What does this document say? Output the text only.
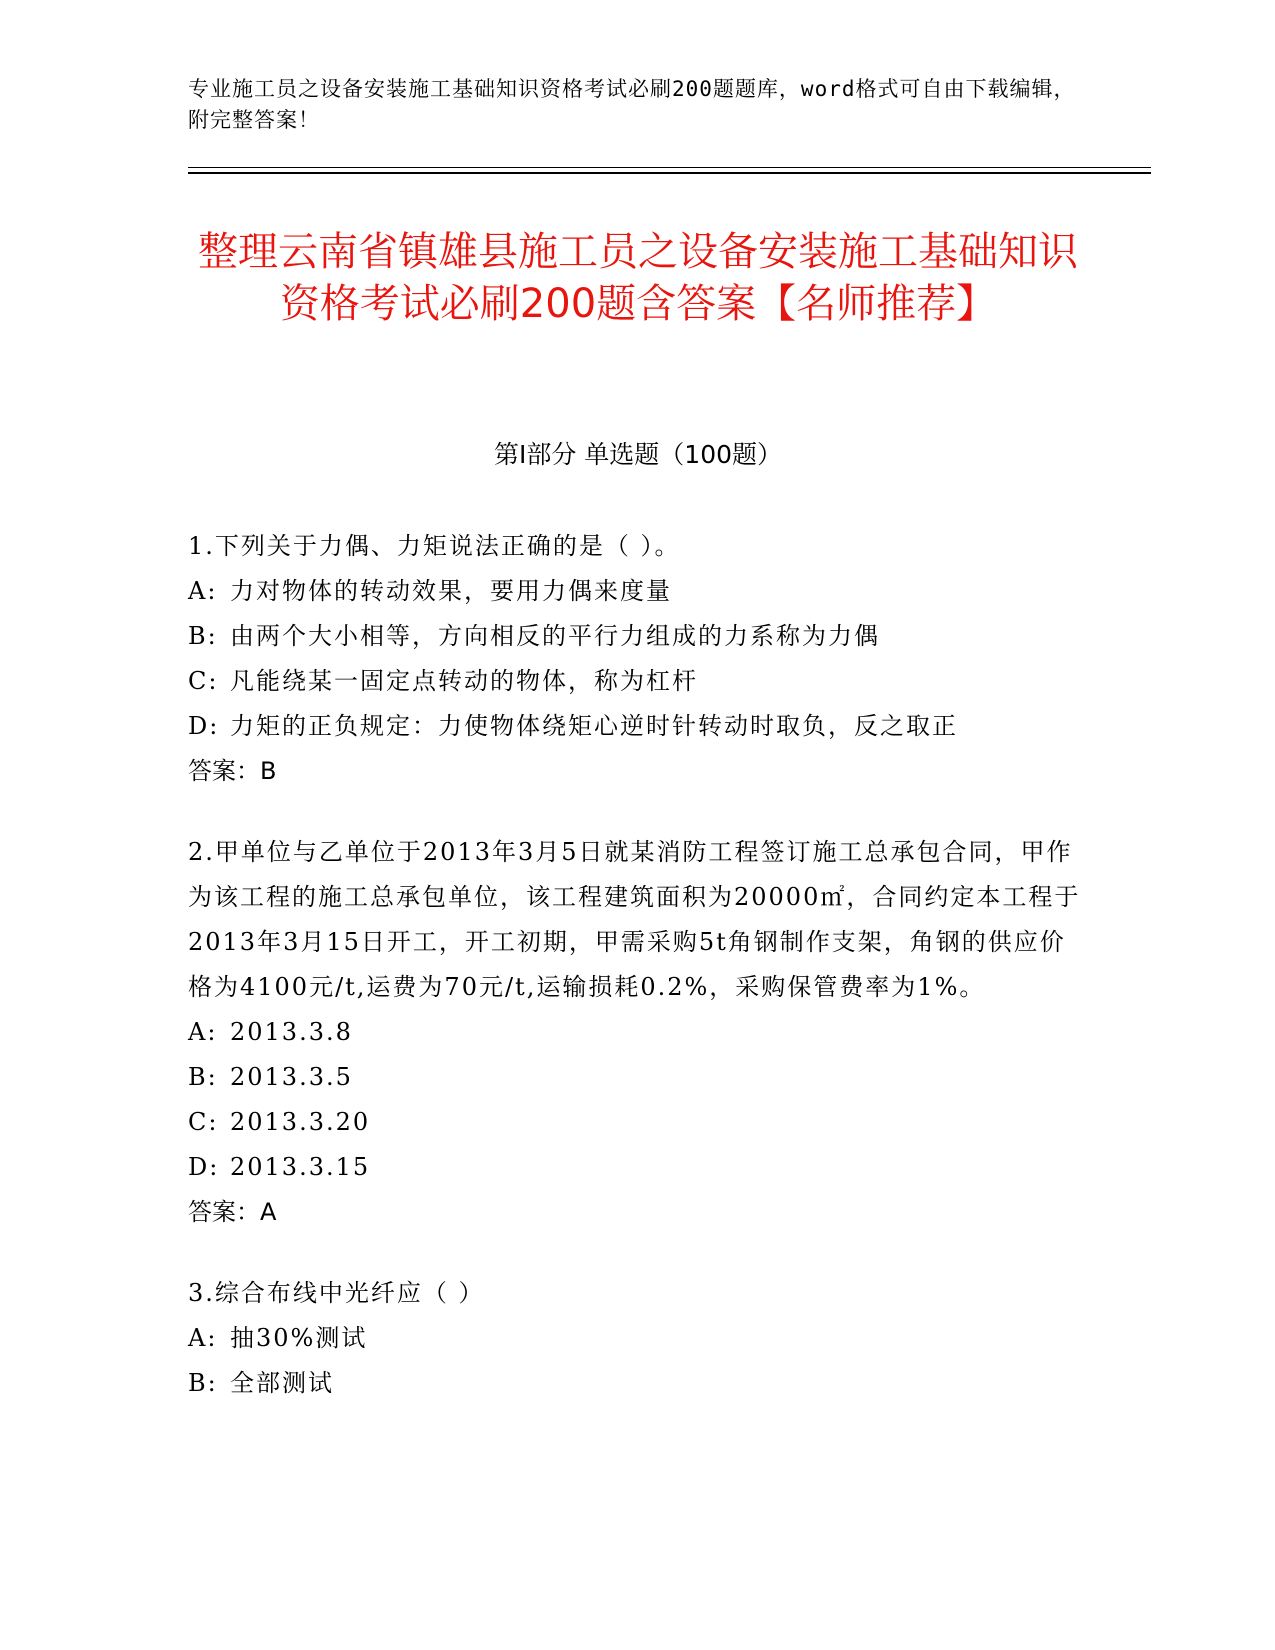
专业施工员之设备安装施工基础知识资格考试必刷200题题库，word格式可自由下载编辑，附完整答案！
整理云南省镇雄县施工员之设备安装施工基础知识资格考试必刷200题含答案【名师推荐】
第Ⅰ部分 单选题（100题）
1.下列关于力偶、力矩说法正确的是（ ）。
A: 力对物体的转动效果，要用力偶来度量
B: 由两个大小相等，方向相反的平行力组成的力系称为力偶
C: 凡能绕某一固定点转动的物体，称为杠杆
D: 力矩的正负规定：力使物体绕矩心逆时针转动时取负，反之取正
答案：B
2.甲单位与乙单位于2013年3月5日就某消防工程签订施工总承包合同，甲作为该工程的施工总承包单位，该工程建筑面积为20000㎡，合同约定本工程于2013年3月15日开工，开工初期，甲需采购5t角钢制作支架，角钢的供应价格为4100元/t,运费为70元/t,运输损耗0.2%，采购保管费率为1%。
A: 2013.3.8
B: 2013.3.5
C: 2013.3.20
D: 2013.3.15
答案：A
3.综合布线中光纤应（ ）
A: 抽30%测试
B: 全部测试
